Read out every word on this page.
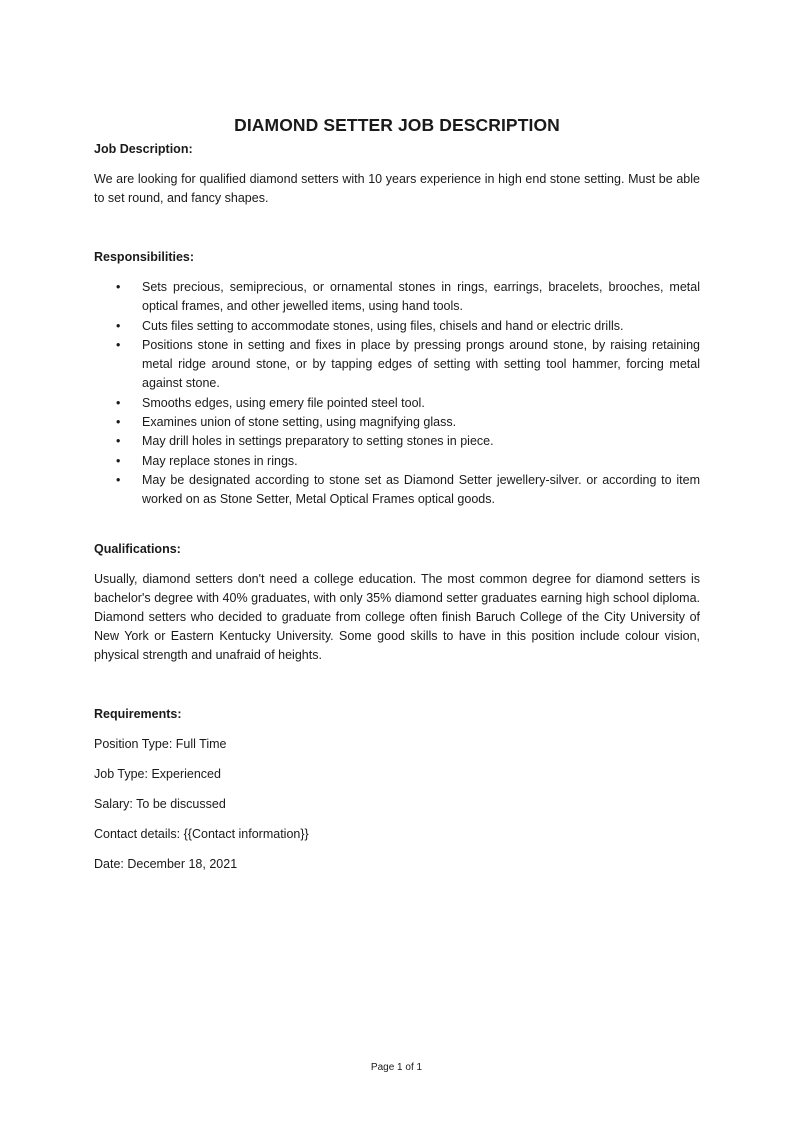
DIAMOND SETTER JOB DESCRIPTION

Job Description:

We are looking for qualified diamond setters with 10 years experience in high end stone setting. Must be able to set round, and fancy shapes.

Responsibilities:

• Sets precious, semiprecious, or ornamental stones in rings, earrings, bracelets, brooches, metal optical frames, and other jewelled items, using hand tools.
• Cuts files setting to accommodate stones, using files, chisels and hand or electric drills.
• Positions stone in setting and fixes in place by pressing prongs around stone, by raising retaining metal ridge around stone, or by tapping edges of setting with setting tool hammer, forcing metal against stone.
• Smooths edges, using emery file pointed steel tool.
• Examines union of stone setting, using magnifying glass.
• May drill holes in settings preparatory to setting stones in piece.
• May replace stones in rings.
• May be designated according to stone set as Diamond Setter jewellery-silver. or according to item worked on as Stone Setter, Metal Optical Frames optical goods.

Qualifications:

Usually, diamond setters don't need a college education. The most common degree for diamond setters is bachelor's degree with 40% graduates, with only 35% diamond setter graduates earning high school diploma. Diamond setters who decided to graduate from college often finish Baruch College of the City University of New York or Eastern Kentucky University. Some good skills to have in this position include colour vision, physical strength and unafraid of heights.

Requirements:

Position Type: Full Time

Job Type: Experienced

Salary: To be discussed

Contact details: {{Contact information}}

Date: December 18, 2021

Page 1 of 1
